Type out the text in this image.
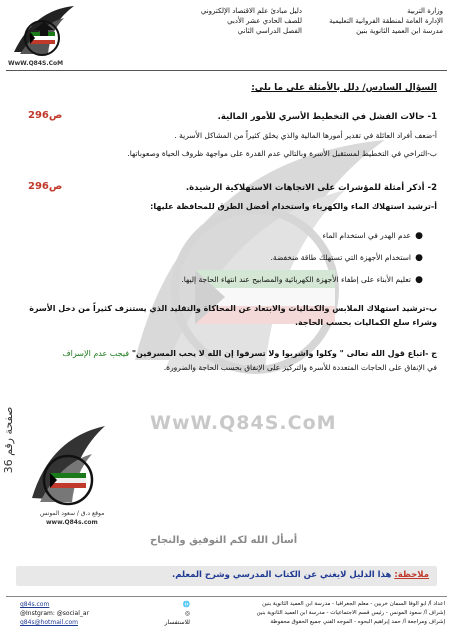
وزارة التربية
الإدارة العامة لمنطقة الفروانية التعليمية
مدرسة ابن العميد الثانوية بنين
دليل مبادئ علم الاقتصاد الإلكتروني
للصف الحادي عشر الأدبي
الفصل الدراسي الثاني
WwW.Q84S.CoM
WwW.Q84S.CoM
السؤال السادس/ دلل بالأمثلة على ما يلي:
1- حالات الفشل في التخطيط الأسري للأمور المالية.
ص296
أ-ضعف أفراد العائلة في تقدير أمورها المالية والذي يخلق كثيراً من المشاكل الأسرية .
ب-التراخي في التخطيط لمستقبل الأسرة وبالتالي عدم القدرة على مواجهة ظروف الحياة وصعوباتها.
2- أذكر أمثلة للمؤشرات على الاتجاهات الاستهلاكية الرشيدة.
ص296
أ-ترشيد استهلاك الماء والكهرباء واستخدام أفضل الطرق للمحافظة عليها:
●
عدم الهدر في استخدام الماء
●
استخدام الأجهزة التي تستهلك طاقة منخفضة.
●
تعليم الأبناء على إطفاء الأجهزة الكهربائية والمصابيح عند انتهاء الحاجة إليها.
ب-ترشيد استهلاك الملابس والكماليات والابتعاد عن المحاكاة والتقليد الذي يستنزف كثيراً من دخل الأسرة وشراء سلع الكماليات بحسب الحاجة.
ج -اتباع قول الله تعالى " وكلوا واشربوا ولا تسرفوا إن الله لا يحب المسرفين" فيجب عدم الإسراف
في الإنفاق على الحاجات المتعددة للأسرة والتركيز على الإنفاق بحسب الحاجة والضرورة.
صفحة رقم 36
موقع د.ق / سعود المونس
www.Q84s.com
أسأل الله لكم التوفيق والنجاح
ملاحظة: هذا الدليل لايغني عن الكتاب المدرسي وشرح المعلم.
q84s.com	🌐
@Instgram: @social_ar	◎
q84s@hotmail.com	للاستفسار
اعداد أ/ ابو الوفا السمان خربين - معلم الجغرافيا - مدرسة ابن العميد الثانوية بنين
إشراف أ/ سعود المونس - رئيس قسم الاجتماعيات - مدرسة ابن العميد الثانوية بنين
إشراف ومراجعة أ/ حمد إبراهيم البحوه - الموجه الفني جميع الحقوق محفوظة
